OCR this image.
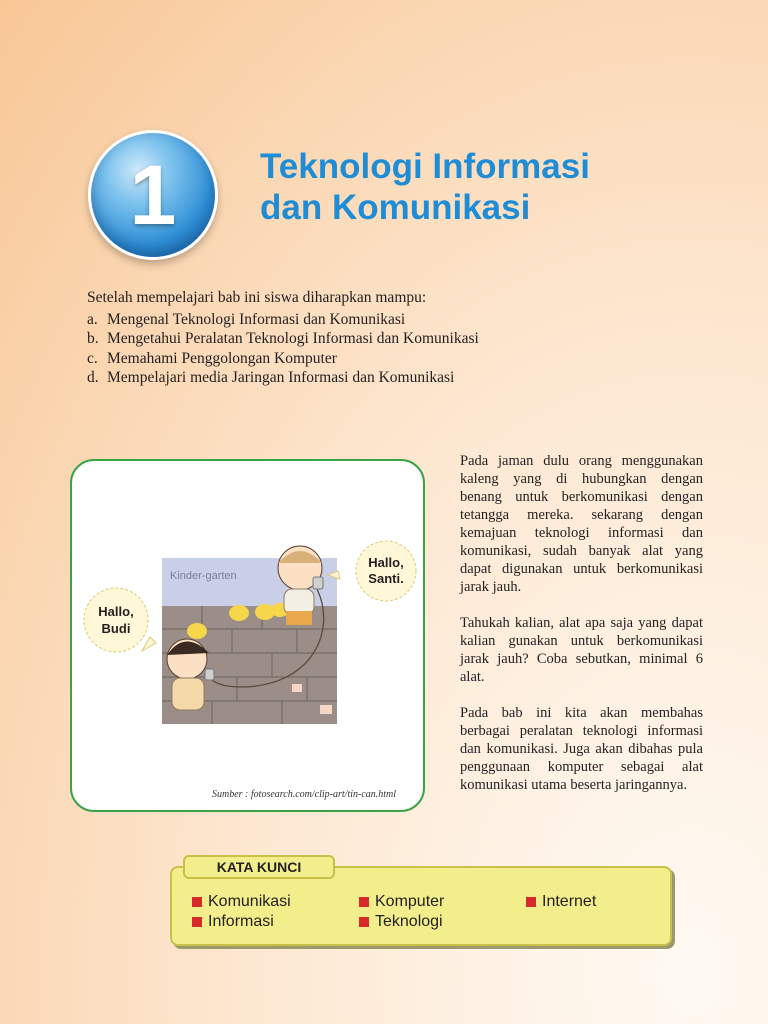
1	Teknologi Informasi
dan Komunikasi

Setelah mempelajari bab ini siswa diharapkan mampu:

a. Mengenal Teknologi Informasi dan Komunikasi
b. Mengetahui Peralatan Teknologi Informasi dan Komunikasi
c. Memahami Penggolongan Komputer
d. Mempelajari media Jaringan Informasi dan Komunikasi
Kinder-garten
Hallo,
Budi
Hallo,
Santi.
Sumber : fotosearch.com/clip-art/tin-can.html

Pada jaman dulu orang menggunakan kaleng yang di hubungkan dengan benang untuk berkomunikasi dengan tetangga mereka. sekarang dengan kemajuan teknologi informasi dan komunikasi, sudah banyak alat yang dapat digunakan untuk berkomunikasi jarak jauh.

Tahukah kalian, alat apa saja yang dapat kalian gunakan untuk berkomunikasi jarak jauh? Coba sebutkan, minimal 6 alat.

Pada bab ini kita akan membahas berbagai peralatan teknologi informasi dan komunikasi. Juga akan dibahas pula penggunaan komputer sebagai alat komunikasi utama beserta jaringannya.

KATA KUNCI
Komunikasi
Informasi
Komputer
Teknologi
Internet
